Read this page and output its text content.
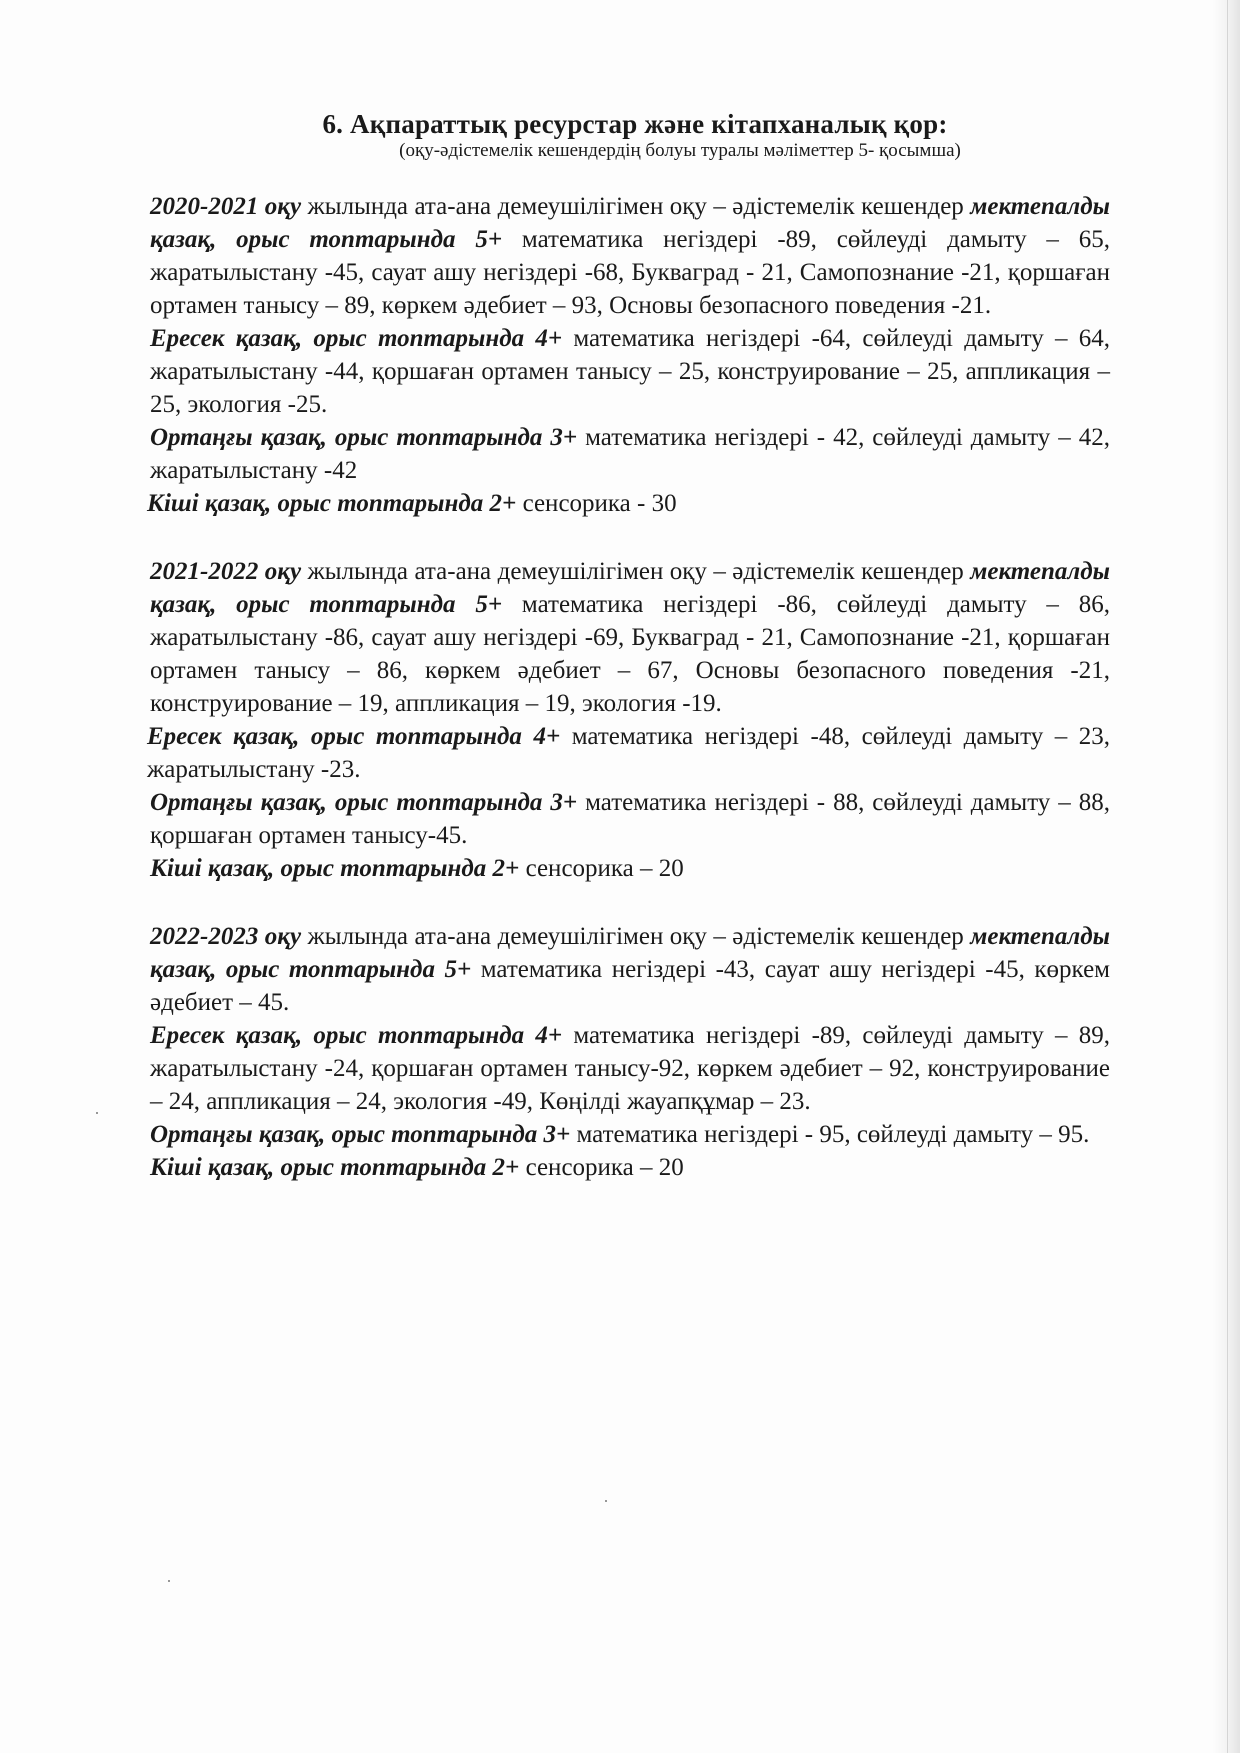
6. Ақпараттық ресурстар және кітапханалық қор:
(оқу-әдістемелік кешендердің болуы туралы мәліметтер 5- қосымша)

2020-2021 оқу жылында ата-ана демеушілігімен оқу – әдістемелік кешендер мектепалды қазақ, орыс топтарында 5+ математика негіздері -89, сөйлеуді дамыту – 65, жаратылыстану -45, сауат ашу негіздері -68, Букваград - 21, Самопознание -21, қоршаған ортамен танысу – 89, көркем әдебиет – 93, Основы безопасного поведения -21.

Ересек қазақ, орыс топтарында 4+ математика негіздері -64, сөйлеуді дамыту – 64, жаратылыстану -44, қоршаған ортамен танысу – 25, конструирование – 25, аппликация – 25, экология -25.

Ортаңғы қазақ, орыс топтарында 3+ математика негіздері - 42, сөйлеуді дамыту – 42, жаратылыстану -42

Кіші қазақ, орыс топтарында 2+ сенсорика - 30

2021-2022 оқу жылында ата-ана демеушілігімен оқу – әдістемелік кешендер мектепалды қазақ, орыс топтарында 5+ математика негіздері -86, сөйлеуді дамыту – 86, жаратылыстану -86, сауат ашу негіздері -69, Букваград - 21, Самопознание -21, қоршаған ортамен танысу – 86, көркем әдебиет – 67, Основы безопасного поведения -21, конструирование – 19, аппликация – 19, экология -19.

Ересек қазақ, орыс топтарында 4+ математика негіздері -48, сөйлеуді дамыту – 23, жаратылыстану -23.

Ортаңғы қазақ, орыс топтарында 3+ математика негіздері - 88, сөйлеуді дамыту – 88, қоршаған ортамен танысу-45.

Кіші қазақ, орыс топтарында 2+ сенсорика – 20

2022-2023 оқу жылында ата-ана демеушілігімен оқу – әдістемелік кешендер мектепалды қазақ, орыс топтарында 5+ математика негіздері -43, сауат ашу негіздері -45, көркем әдебиет – 45.

Ересек қазақ, орыс топтарында 4+ математика негіздері -89, сөйлеуді дамыту – 89, жаратылыстану -24, қоршаған ортамен танысу-92, көркем әдебиет – 92, конструирование – 24, аппликация – 24, экология -49, Көңілді жауапқұмар – 23.

Ортаңғы қазақ, орыс топтарында 3+ математика негіздері - 95, сөйлеуді дамыту – 95.

Кіші қазақ, орыс топтарында 2+ сенсорика – 20
